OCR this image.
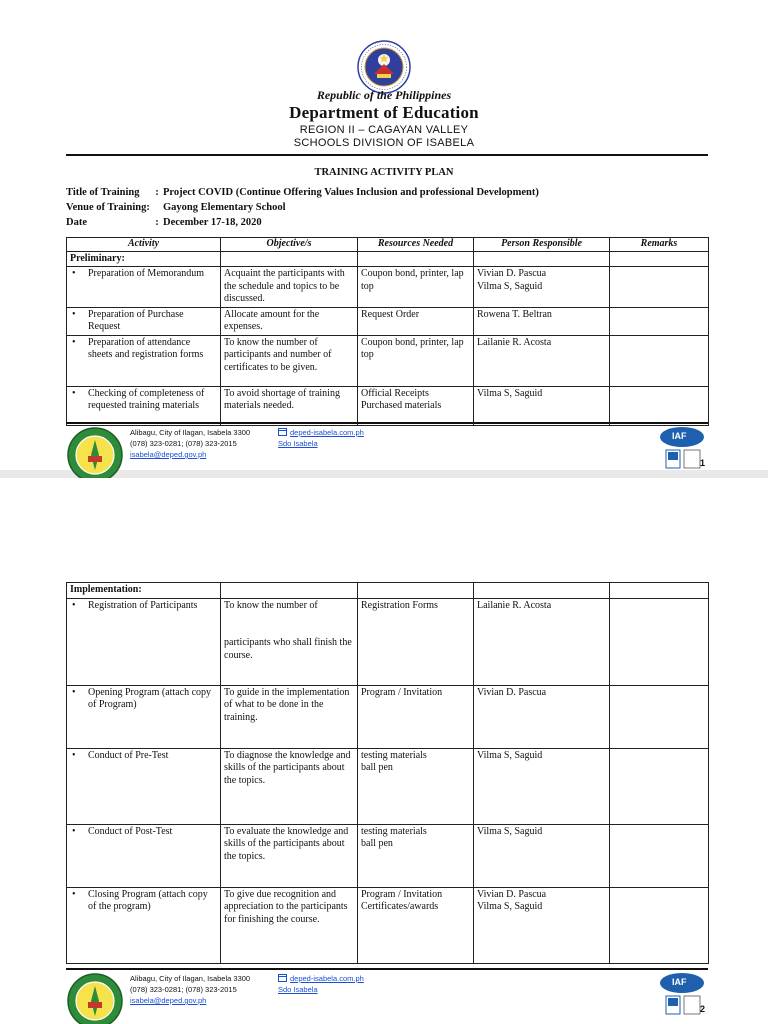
Republic of the Philippines
Department of Education
REGION II – CAGAYAN VALLEY
SCHOOLS DIVISION OF ISABELA
TRAINING ACTIVITY PLAN
Title of Training : Project COVID (Continue Offering Values Inclusion and professional Development)
Venue of Training: Gayong Elementary School
Date	: December 17-18, 2020
Activity	Objective/s	Resources Needed	Person Responsible	Remarks
Preliminary:				

• Preparation of Memorandum	Acquaint the participants with the schedule and topics to be discussed.	Coupon bond, printer, lap top	Vivian D. Pascua
Vilma S, Saguid	

• Preparation of Purchase Request	Allocate amount for the expenses.	Request Order	Rowena T. Beltran	

• Preparation of attendance sheets and registration forms	To know the number of participants and number of certificates to be given.	Coupon bond, printer, lap top	Lailanie R. Acosta	

• Checking of completeness of requested training materials	To avoid shortage of training materials needed.	Official Receipts
Purchased materials	Vilma S, Saguid	
Alibagu, City of Ilagan, Isabela 3300
(078) 323-0281; (078) 323-2015
isabela@deped.gov.ph
deped-isabela.com.ph
Sdo Isabela
IAF
1
Implementation:				

• Registration of Participants	To know the number of

participants who shall finish the course.	Registration Forms	Lailanie R. Acosta	

• Opening Program (attach copy of Program)	To guide in the implementation of what to be done in the training.	Program / Invitation	Vivian D. Pascua	

• Conduct of Pre-Test	To diagnose the knowledge and skills of the participants about the topics.	testing materials
ball pen	Vilma S, Saguid	

• Conduct of Post-Test	To evaluate the knowledge and skills of the participants about the topics.	testing materials
ball pen	Vilma S, Saguid	

• Closing Program (attach copy of the program)	To give due recognition and appreciation to the participants for finishing the course.	Program / Invitation
Certificates/awards	Vivian D. Pascua
Vilma S, Saguid	
Alibagu, City of Ilagan, Isabela 3300
(078) 323-0281; (078) 323-2015
isabela@deped.gov.ph
deped-isabela.com.ph
Sdo Isabela
IAF
2
